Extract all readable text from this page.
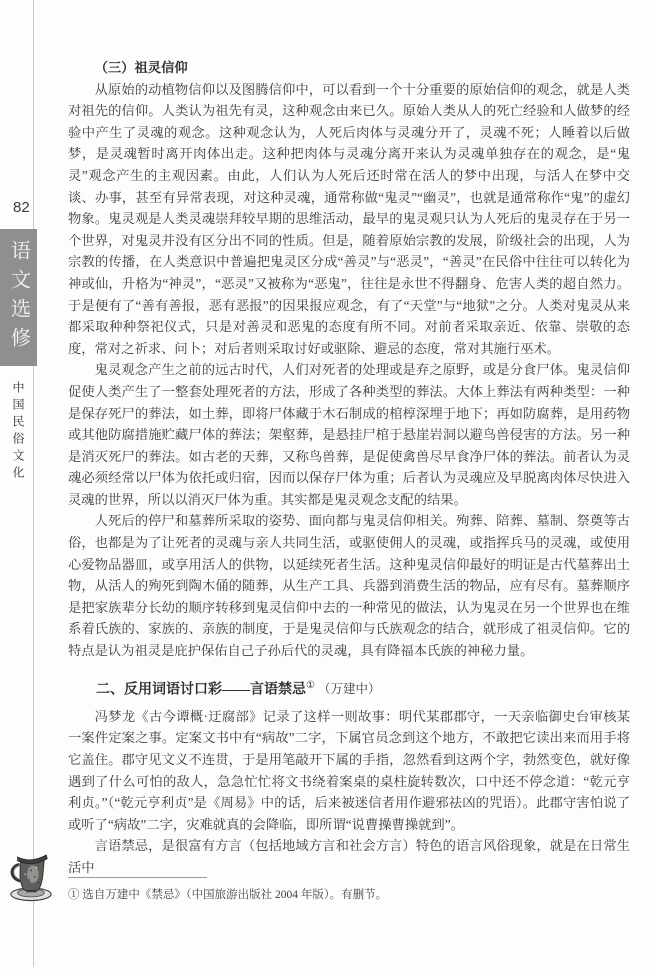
82
语文选修
中国民俗文化
（三）祖灵信仰

从原始的动植物信仰以及图腾信仰中，可以看到一个十分重要的原始信仰的观念，就是人类对祖先的信仰。人类认为祖先有灵，这种观念由来已久。原始人类从人的死亡经验和人做梦的经验中产生了灵魂的观念。这种观念认为，人死后肉体与灵魂分开了，灵魂不死；人睡着以后做梦，是灵魂暂时离开肉体出走。这种把肉体与灵魂分离开来认为灵魂单独存在的观念，是“鬼灵”观念产生的主观因素。由此，人们认为人死后还时常在活人的梦中出现，与活人在梦中交谈、办事，甚至有异常表现，对这种灵魂，通常称做“鬼灵”“幽灵”，也就是通常称作“鬼”的虚幻物象。鬼灵观是人类灵魂崇拜较早期的思维活动，最早的鬼灵观只认为人死后的鬼灵存在于另一个世界，对鬼灵并没有区分出不同的性质。但是，随着原始宗教的发展，阶级社会的出现，人为宗教的传播，在人类意识中普遍把鬼灵区分成“善灵”与“恶灵”，“善灵”在民俗中往往可以转化为神或仙，升格为“神灵”，“恶灵”又被称为“恶鬼”，往往是永世不得翻身、危害人类的超自然力。于是便有了“善有善报，恶有恶报”的因果报应观念，有了“天堂”与“地狱”之分。人类对鬼灵从来都采取种种祭祀仪式，只是对善灵和恶鬼的态度有所不同。对前者采取亲近、依靠、崇敬的态度，常对之祈求、问卜；对后者则采取讨好或驱除、避忌的态度，常对其施行巫术。

鬼灵观念产生之前的远古时代，人们对死者的处理或是弃之原野，或是分食尸体。鬼灵信仰促使人类产生了一整套处理死者的方法，形成了各种类型的葬法。大体上葬法有两种类型：一种是保存死尸的葬法，如土葬，即将尸体藏于木石制成的棺椁深埋于地下；再如防腐葬，是用药物或其他防腐措施贮藏尸体的葬法；架壑葬，是悬挂尸棺于悬崖岩洞以避鸟兽侵害的方法。另一种是消灭死尸的葬法。如古老的天葬，又称鸟兽葬，是促使禽兽尽早食净尸体的葬法。前者认为灵魂必须经常以尸体为依托或归宿，因而以保存尸体为重；后者认为灵魂应及早脱离肉体尽快进入灵魂的世界，所以以消灭尸体为重。其实都是鬼灵观念支配的结果。

人死后的停尸和墓葬所采取的姿势、面向都与鬼灵信仰相关。殉葬、陪葬、墓制、祭奠等古俗，也都是为了让死者的灵魂与亲人共同生活，或驱使佣人的灵魂，或指挥兵马的灵魂，或使用心爱物品器皿，或享用活人的供物，以延续死者生活。这种鬼灵信仰最好的明证是古代墓葬出土物，从活人的殉死到陶木俑的随葬，从生产工具、兵器到消费生活的物品，应有尽有。墓葬顺序是把家族辈分长幼的顺序转移到鬼灵信仰中去的一种常见的做法，认为鬼灵在另一个世界也在维系着氏族的、家族的、亲族的制度，于是鬼灵信仰与氏族观念的结合，就形成了祖灵信仰。它的特点是认为祖灵是庇护保佑自己子孙后代的灵魂，具有降福本氏族的神秘力量。

二、反用词语讨口彩——言语禁忌① （万建中）

冯梦龙《古今谭概·迂腐部》记录了这样一则故事：明代某郡郡守，一天亲临御史台审核某一案件定案之事。定案文书中有“病故”二字，下属官员念到这个地方，不敢把它读出来而用手将它盖住。郡守见文义不连贯，于是用笔敲开下属的手指，忽然看到这两个字，勃然变色，就好像遇到了什么可怕的敌人，急急忙忙将文书绕着案桌的桌柱旋转数次，口中还不停念道：“乾元亨利贞。”（“乾元亨利贞”是《周易》中的话，后来被迷信者用作避邪祛凶的咒语）。此郡守害怕说了或听了“病故”二字，灾难就真的会降临，即所谓“说曹操曹操就到”。

言语禁忌，是很富有方言（包括地域方言和社会方言）特色的语言风俗现象，就是在日常生活中

① 选自万建中《禁忌》（中国旅游出版社 2004 年版）。有删节。
